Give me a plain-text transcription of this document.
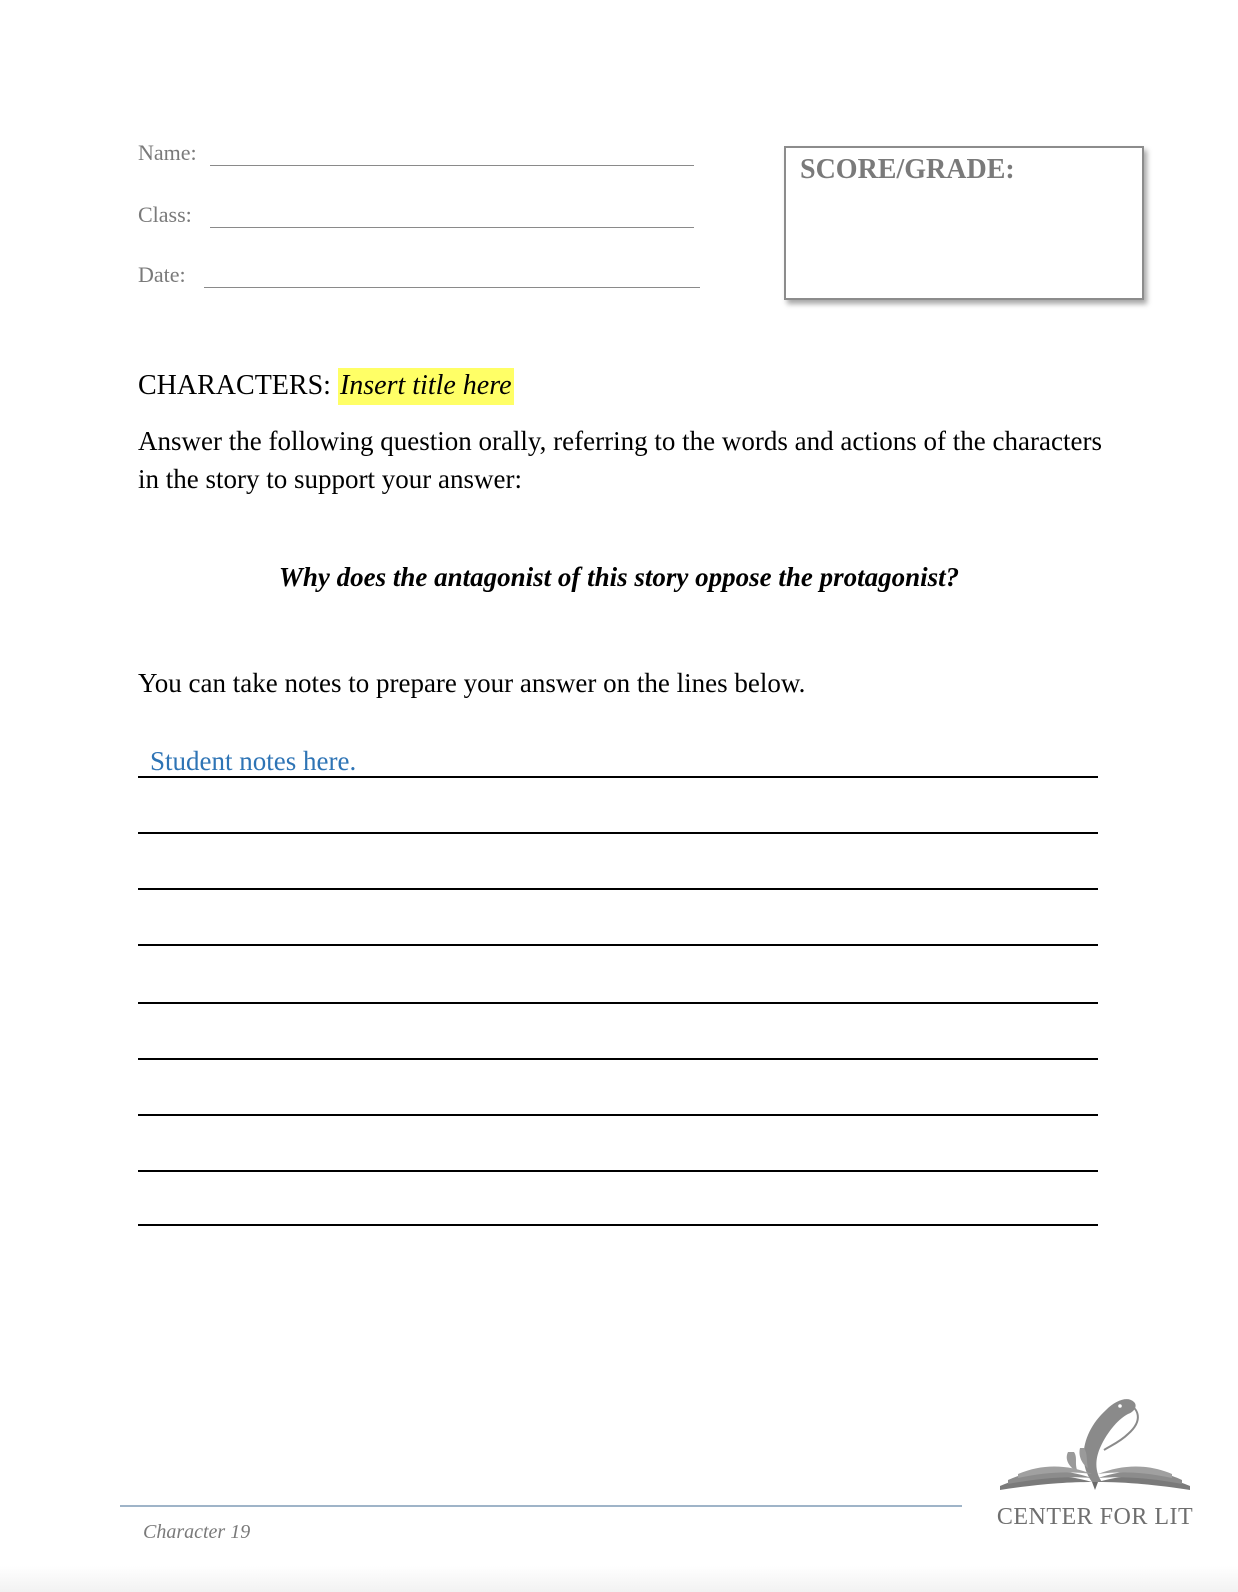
Name:
Class:
Date:
SCORE/GRADE:
CHARACTERS: Insert title here
Answer the following question orally, referring to the words and actions of the characters in the story to support your answer:
Why does the antagonist of this story oppose the protagonist?
You can take notes to prepare your answer on the lines below.
Student notes here.
Character 19
CENTER FOR LIT
